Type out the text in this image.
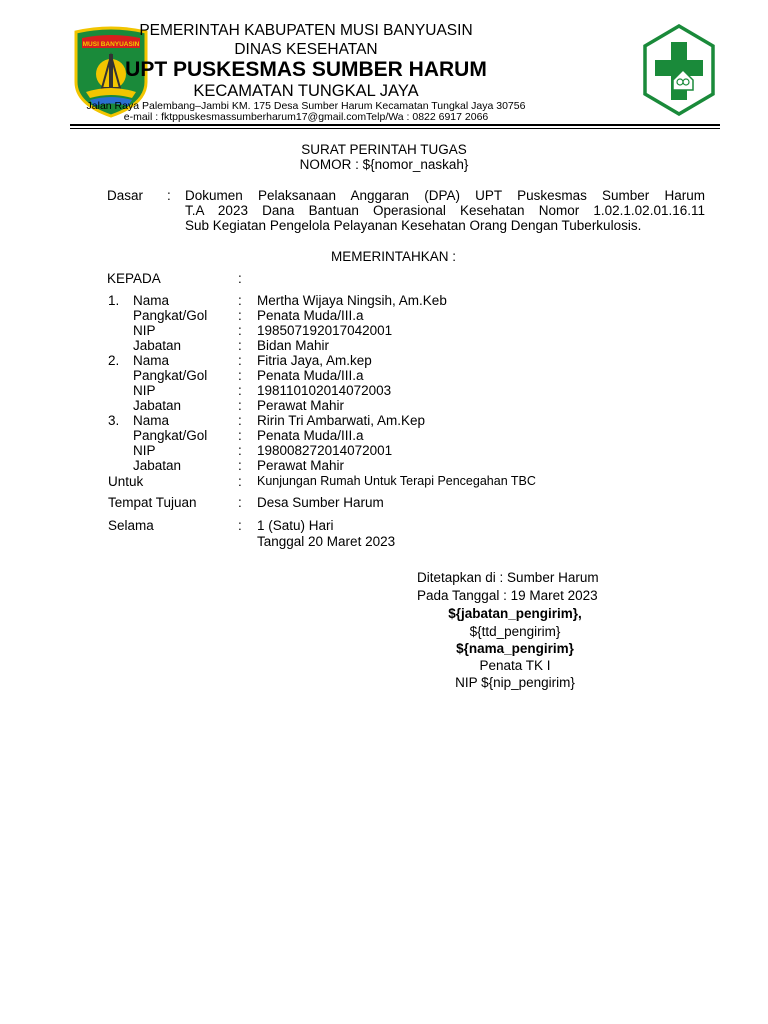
MUSI BANYUASIN
PEMERINTAH KABUPATEN MUSI BANYUASIN
DINAS KESEHATAN
UPT PUSKESMAS SUMBER HARUM
KECAMATAN TUNGKAL JAYA
Jalan Raya Palembang–Jambi KM. 175 Desa Sumber Harum Kecamatan Tungkal Jaya 30756
e-mail : fktppuskesmassumberharum17@gmail.comTelp/Wa : 0822 6917 2066
SURAT PERINTAH TUGAS
NOMOR : ${nomor_naskah}
Dasar : Dokumen Pelaksanaan Anggaran (DPA) UPT Puskesmas Sumber Harum
T.A 2023 Dana Bantuan Operasional Kesehatan Nomor 1.02.1.02.01.16.11
Sub Kegiatan Pengelola Pelayanan Kesehatan Orang Dengan Tuberkulosis.
MEMERINTAHKAN :
KEPADA	:
1. Nama	: Mertha Wijaya Ningsih, Am.Keb
Pangkat/Gol : Penata Muda/III.a
NIP	: 198507192017042001
Jabatan	: Bidan Mahir
2. Nama	: Fitria Jaya, Am.kep
Pangkat/Gol : Penata Muda/III.a
NIP	: 198110102014072003
Jabatan	: Perawat Mahir
3. Nama	: Ririn Tri Ambarwati, Am.Kep
Pangkat/Gol : Penata Muda/III.a
NIP	: 198008272014072001
Jabatan	: Perawat Mahir
Untuk	: Kunjungan Rumah Untuk Terapi Pencegahan TBC
Tempat Tujuan	: Desa Sumber Harum
Selama	: 1 (Satu) Hari
Tanggal 20 Maret 2023
Ditetapkan di : Sumber Harum
Pada Tanggal : 19 Maret 2023
${jabatan_pengirim},
${ttd_pengirim}
${nama_pengirim}
Penata TK I
NIP ${nip_pengirim}
